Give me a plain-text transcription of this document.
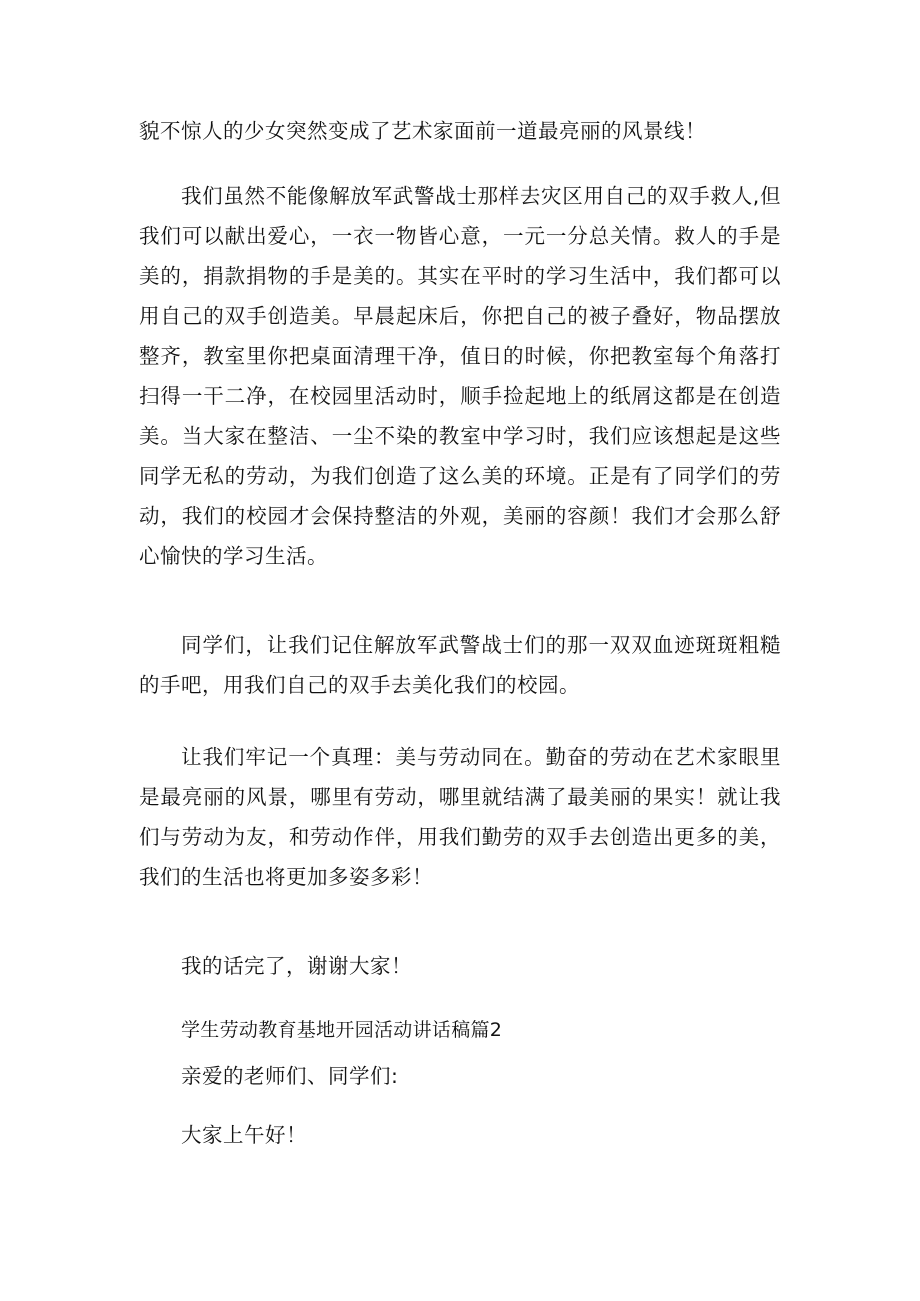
貌不惊人的少女突然变成了艺术家面前一道最亮丽的风景线！

我们虽然不能像解放军武警战士那样去灾区用自己的双手救人,但我们可以献出爱心，一衣一物皆心意，一元一分总关情。救人的手是美的，捐款捐物的手是美的。其实在平时的学习生活中，我们都可以用自己的双手创造美。早晨起床后，你把自己的被子叠好，物品摆放整齐，教室里你把桌面清理干净，值日的时候，你把教室每个角落打扫得一干二净，在校园里活动时，顺手捡起地上的纸屑这都是在创造美。当大家在整洁、一尘不染的教室中学习时，我们应该想起是这些同学无私的劳动，为我们创造了这么美的环境。正是有了同学们的劳动，我们的校园才会保持整洁的外观，美丽的容颜！我们才会那么舒心愉快的学习生活。

同学们，让我们记住解放军武警战士们的那一双双血迹斑斑粗糙的手吧，用我们自己的双手去美化我们的校园。

让我们牢记一个真理：美与劳动同在。勤奋的劳动在艺术家眼里是最亮丽的风景，哪里有劳动，哪里就结满了最美丽的果实！就让我们与劳动为友，和劳动作伴，用我们勤劳的双手去创造出更多的美，我们的生活也将更加多姿多彩！

我的话完了，谢谢大家！

学生劳动教育基地开园活动讲话稿篇2

亲爱的老师们、同学们:

大家上午好！
